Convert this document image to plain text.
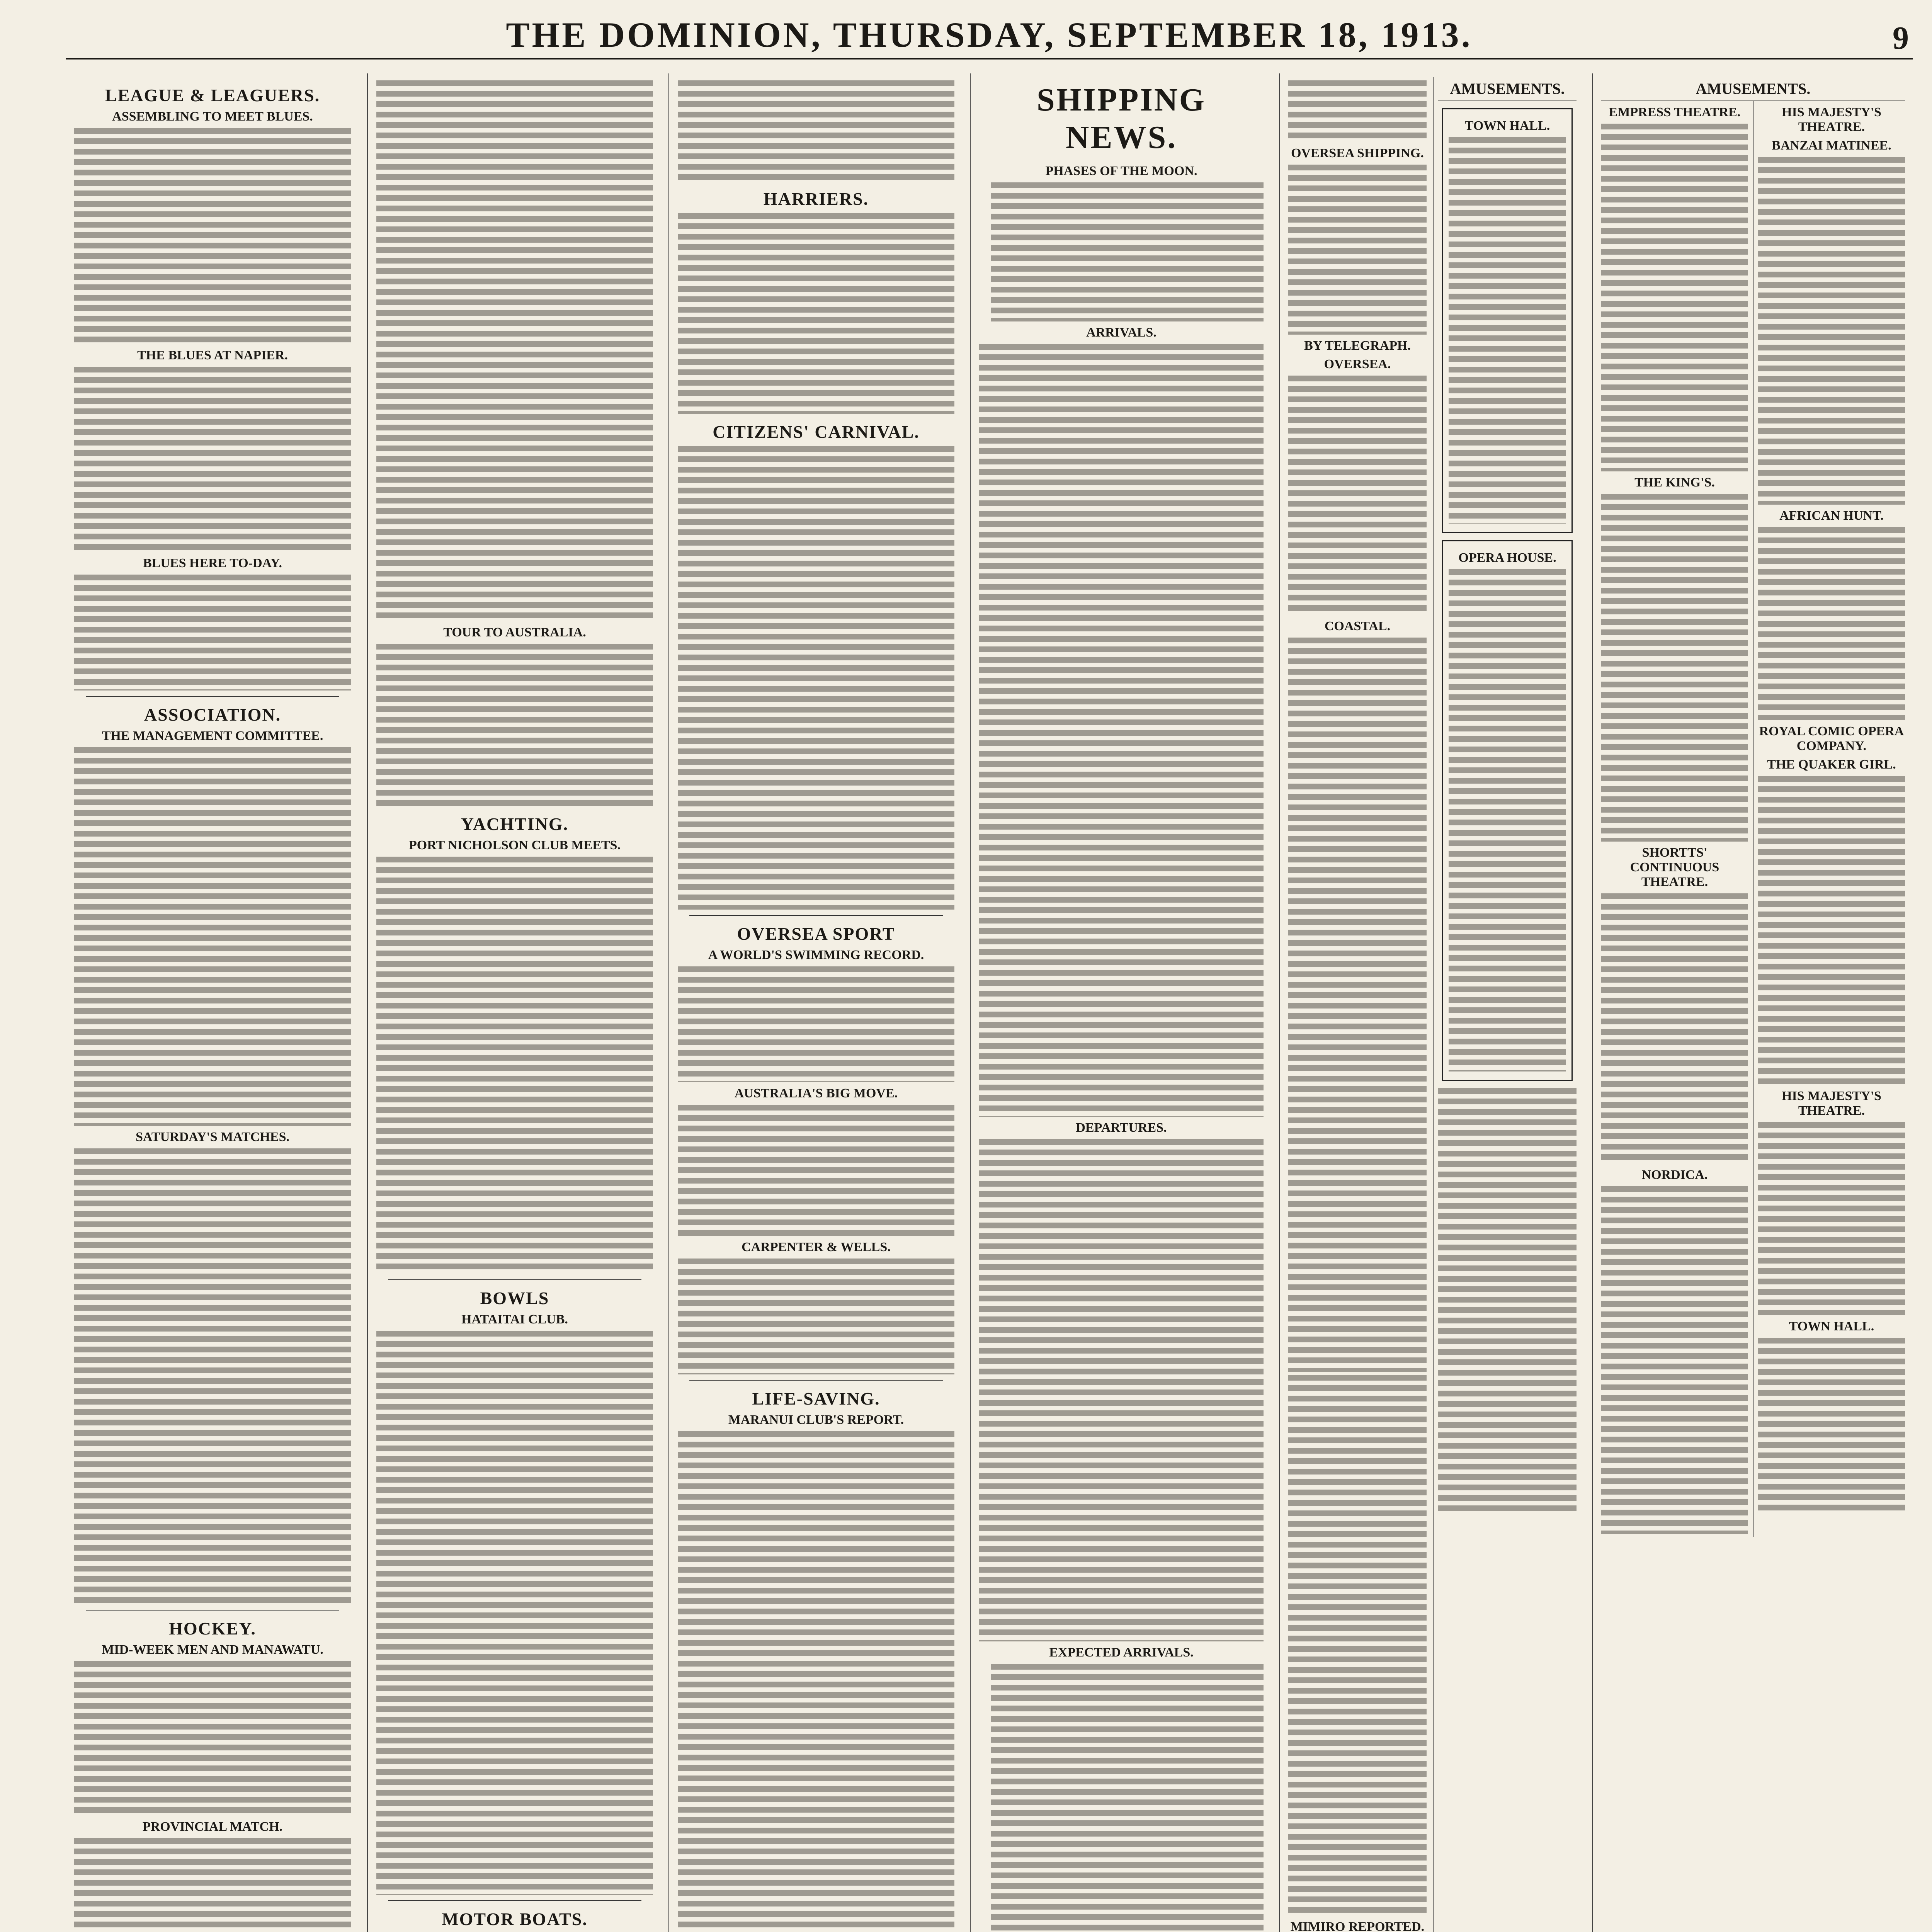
THE DOMINION, THURSDAY, SEPTEMBER 18, 1913.	9
LEAGUE & LEAGUERS.
ASSEMBLING TO MEET BLUES.
THE BLUES AT NAPIER.
BLUES HERE TO-DAY.
ASSOCIATION.
THE MANAGEMENT COMMITTEE.
SATURDAY'S MATCHES.
HOCKEY.
MID-WEEK MEN AND MANAWATU.
PROVINCIAL MATCH.
TOUR TO AUSTRALIA.
YACHTING.
PORT NICHOLSON CLUB MEETS.
BOWLS
HATAITAI CLUB.
MOTOR BOATS.
HARRIERS.
CITIZENS' CARNIVAL.
OVERSEA SPORT
A WORLD'S SWIMMING RECORD.
AUSTRALIA'S BIG MOVE.
CARPENTER & WELLS.
LIFE-SAVING.
MARANUI CLUB'S REPORT.
SHIPPING NEWS.
PHASES OF THE MOON.
ARRIVALS.
DEPARTURES.
EXPECTED ARRIVALS.
OVERSEA SHIPPING.
BY TELEGRAPH.
OVERSEA.
COASTAL.
MIMIRO REPORTED.
AMUSEMENTS.
TOWN HALL.
OPERA HOUSE.
AMUSEMENTS.
EMPRESS THEATRE.
THE KING'S.
SHORTTS' CONTINUOUS THEATRE.
NORDICA.
HIS MAJESTY'S THEATRE.
BANZAI MATINEE.
AFRICAN HUNT.
ROYAL COMIC OPERA COMPANY.
THE QUAKER GIRL.
HIS MAJESTY'S THEATRE.
TOWN HALL.
